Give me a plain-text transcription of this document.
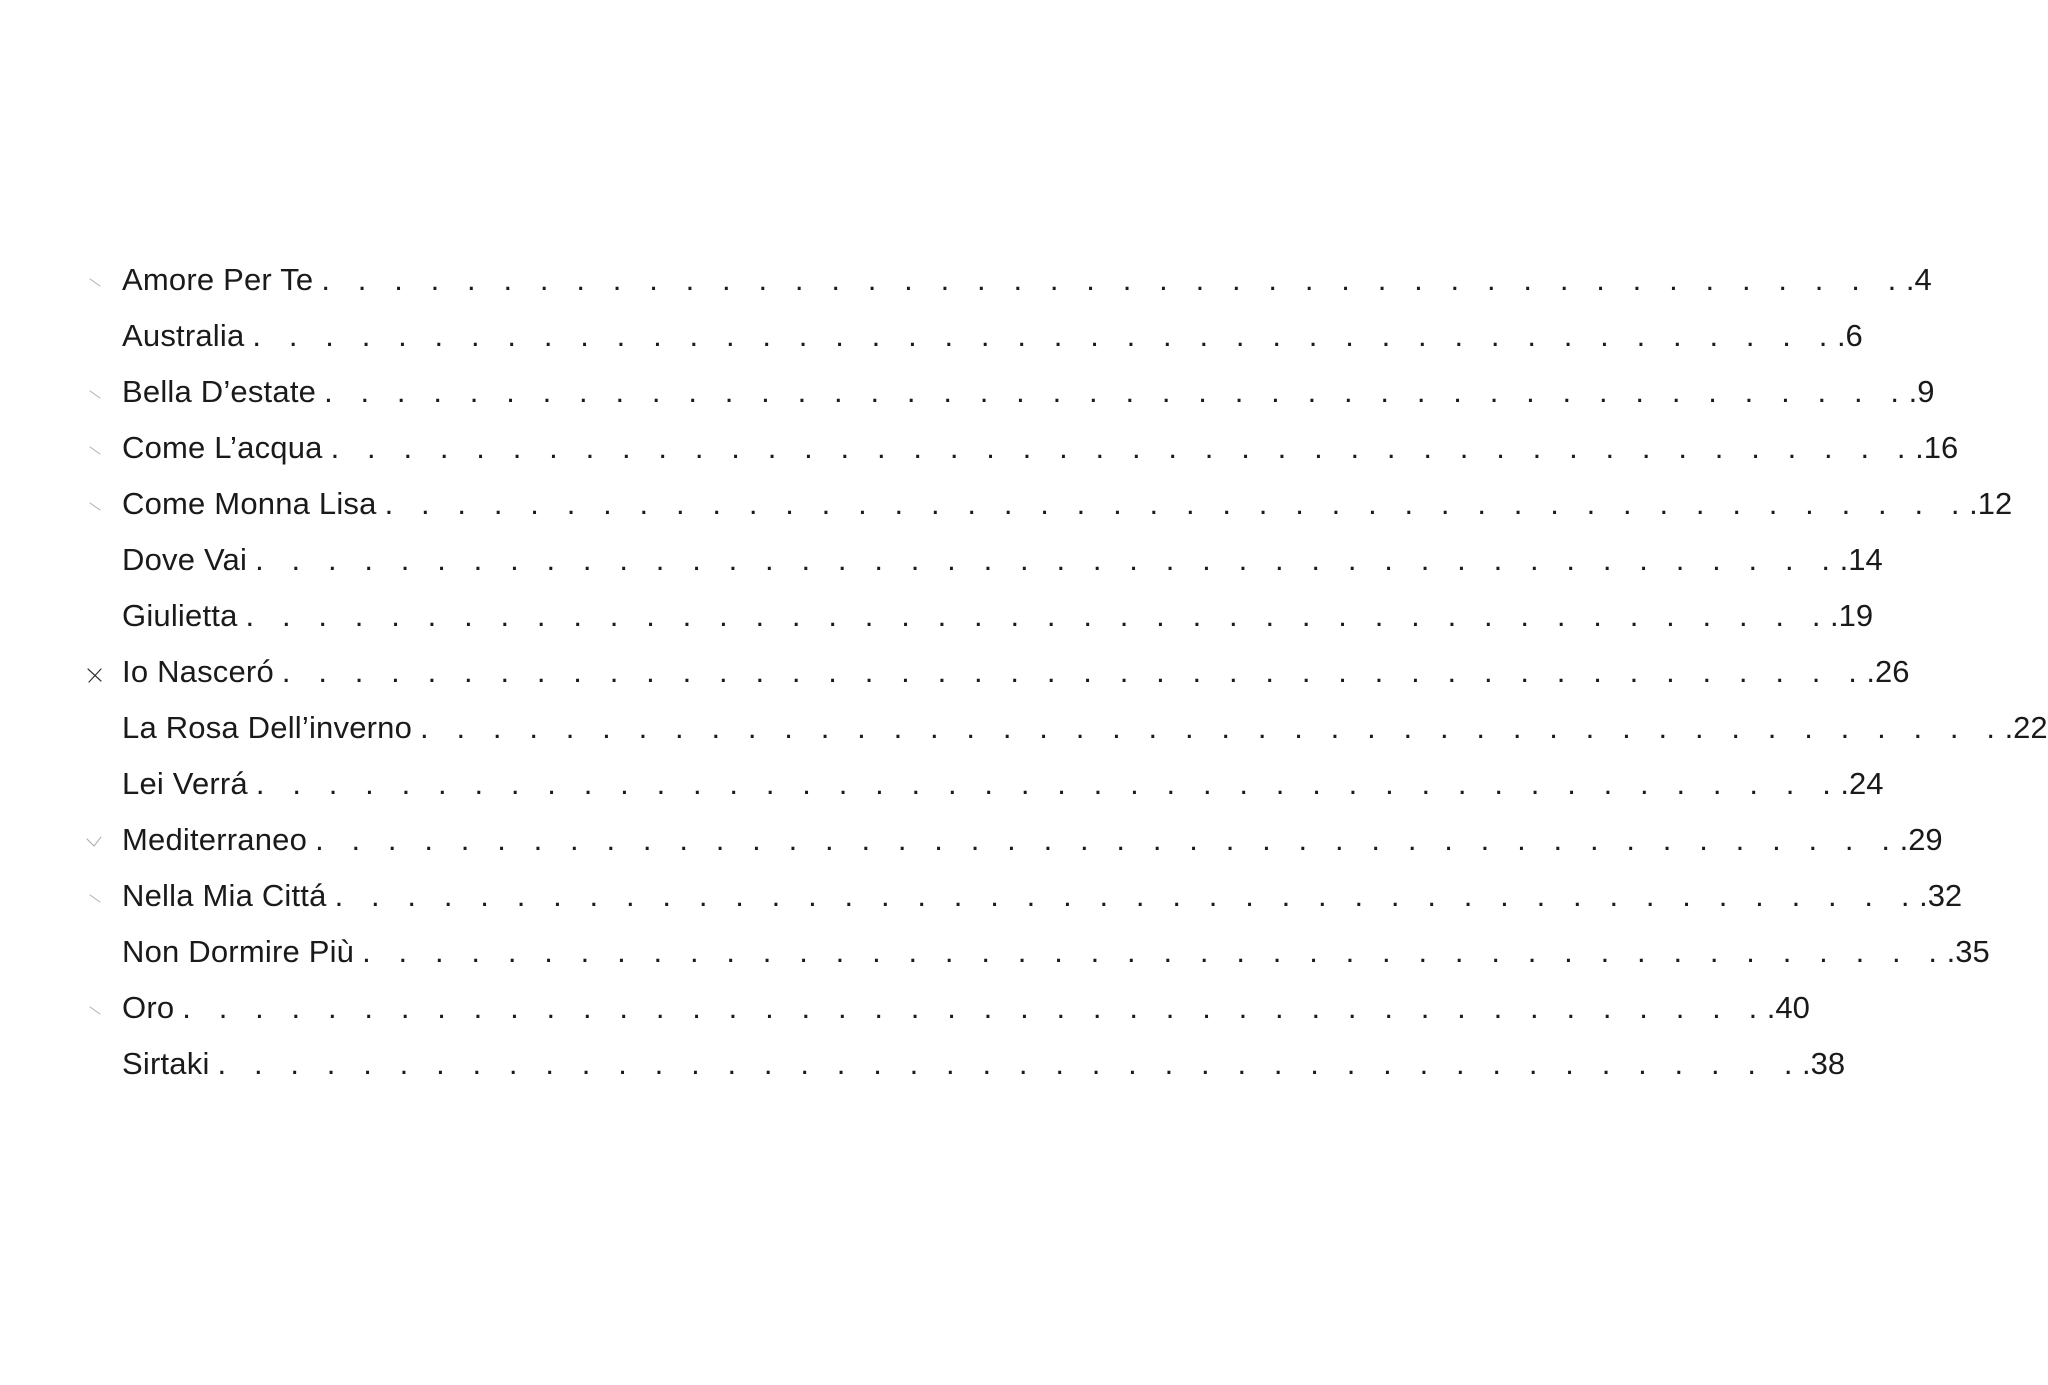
Amore Per Te . . . . . . . . . . . . . . . . . . . . . . . . . . . . . . . . . . . . . . . . . . . . .4
Australia . . . . . . . . . . . . . . . . . . . . . . . . . . . . . . . . . . . . . . . . . . . . .6
Bella D’estate . . . . . . . . . . . . . . . . . . . . . . . . . . . . . . . . . . . . . . . . . . . . .9
Come L’acqua . . . . . . . . . . . . . . . . . . . . . . . . . . . . . . . . . . . . . . . . . . . . .16
Come Monna Lisa . . . . . . . . . . . . . . . . . . . . . . . . . . . . . . . . . . . . . . . . . . . . .12
Dove Vai . . . . . . . . . . . . . . . . . . . . . . . . . . . . . . . . . . . . . . . . . . . . .14
Giulietta . . . . . . . . . . . . . . . . . . . . . . . . . . . . . . . . . . . . . . . . . . . . .19
Io Nasceró . . . . . . . . . . . . . . . . . . . . . . . . . . . . . . . . . . . . . . . . . . . . .26
La Rosa Dell’inverno . . . . . . . . . . . . . . . . . . . . . . . . . . . . . . . . . . . . . . . . . . . . .22
Lei Verrá . . . . . . . . . . . . . . . . . . . . . . . . . . . . . . . . . . . . . . . . . . . . .24
Mediterraneo . . . . . . . . . . . . . . . . . . . . . . . . . . . . . . . . . . . . . . . . . . . . .29
Nella Mia Cittá . . . . . . . . . . . . . . . . . . . . . . . . . . . . . . . . . . . . . . . . . . . . .32
Non Dormire Più . . . . . . . . . . . . . . . . . . . . . . . . . . . . . . . . . . . . . . . . . . . . .35
Oro . . . . . . . . . . . . . . . . . . . . . . . . . . . . . . . . . . . . . . . . . . . . .40
Sirtaki . . . . . . . . . . . . . . . . . . . . . . . . . . . . . . . . . . . . . . . . . . . . .38
